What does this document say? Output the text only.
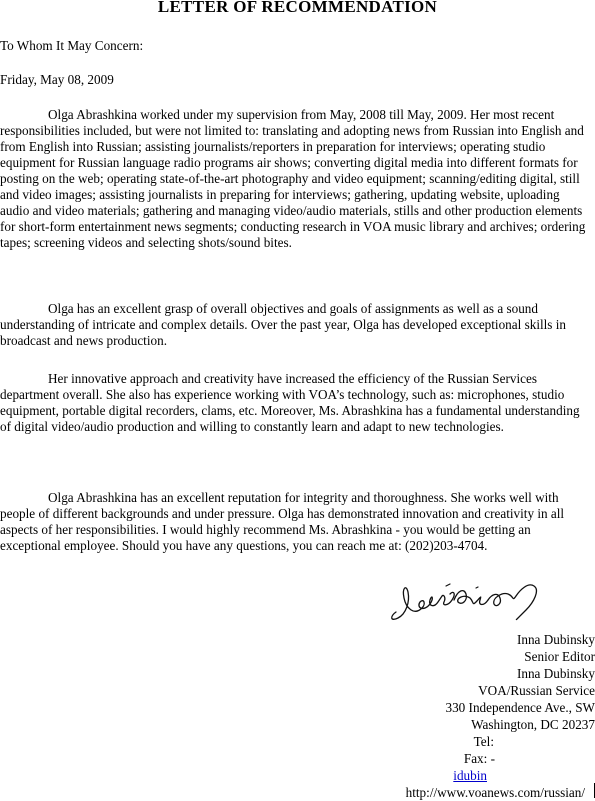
LETTER OF RECOMMENDATION
To Whom It May Concern:
Friday, May 08, 2009

Olga Abrashkina worked under my supervision from May, 2008 till May, 2009. Her most recent responsibilities included, but were not limited to: translating and adopting news from Russian into English and from English into Russian; assisting journalists/reporters in preparation for interviews; operating studio equipment for Russian language radio programs air shows; converting digital media into different formats for posting on the web; operating state-of-the-art photography and video equipment; scanning/editing digital, still and video images; assisting journalists in preparing for interviews; gathering, updating website, uploading audio and video materials; gathering and managing video/audio materials, stills and other production elements for short-form entertainment news segments; conducting research in VOA music library and archives; ordering tapes; screening videos and selecting shots/sound bites.

Olga has an excellent grasp of overall objectives and goals of assignments as well as a sound understanding of intricate and complex details. Over the past year, Olga has developed exceptional skills in broadcast and news production.

Her innovative approach and creativity have increased the efficiency of the Russian Services department overall. She also has experience working with VOA’s technology, such as: microphones, studio equipment, portable digital recorders, clams, etc. Moreover, Ms. Abrashkina has a fundamental understanding of digital video/audio production and willing to constantly learn and adapt to new technologies.

Olga Abrashkina has an excellent reputation for integrity and thoroughness. She works well with people of different backgrounds and under pressure. Olga has demonstrated innovation and creativity in all aspects of her responsibilities. I would highly recommend Ms. Abrashkina - you would be getting an exceptional employee. Should you have any questions, you can reach me at: (202)203-4704.

Inna Dubinsky
Senior Editor
Inna Dubinsky
VOA/Russian Service
330 Independence Ave., SW
Washington, DC 20237
Tel:
Fax: -
idubin
http://www.voanews.com/russian/
